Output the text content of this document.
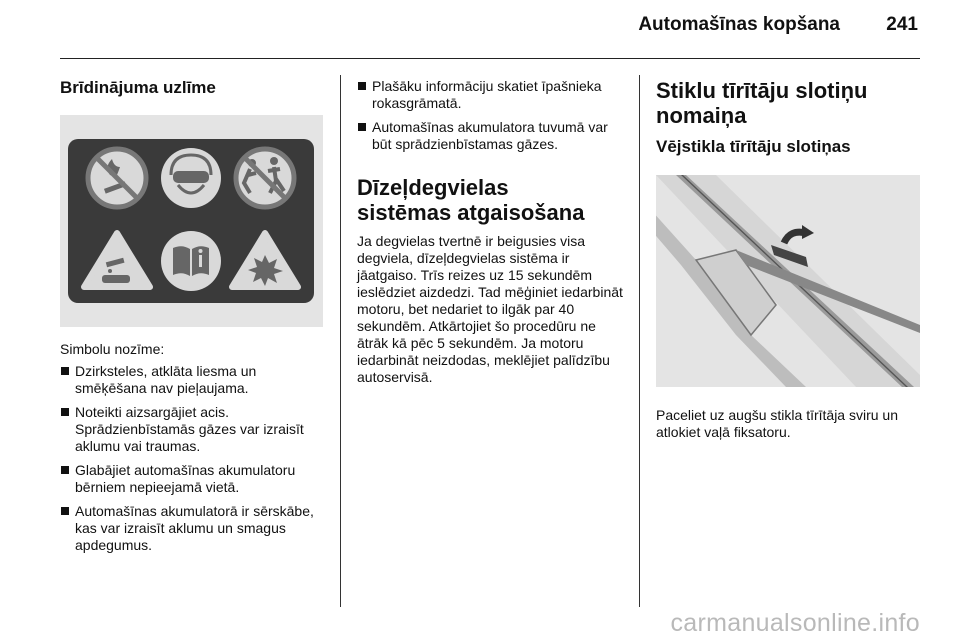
Automašīnas kopšana 241
Brīdinājuma uzlīme

Simbolu nozīme:

Dzirksteles, atklāta liesma un smēķēšana nav pieļaujama.
Noteikti aizsargājiet acis. Sprādzienbīstamās gāzes var izraisīt aklumu vai traumas.
Glabājiet automašīnas akumulatoru bērniem nepieejamā vietā.
Automašīnas akumulatorā ir sērskābe, kas var izraisīt aklumu un smagus apdegumus.
Plašāku informāciju skatiet īpašnieka rokasgrāmatā.
Automašīnas akumulatora tuvumā var būt sprādzienbīstamas gāzes.
Dīzeļdegvielas sistēmas atgaisošana

Ja degvielas tvertnē ir beigusies visa degviela, dīzeļdegvielas sistēma ir jāatgaiso. Trīs reizes uz 15 sekundēm ieslēdziet aizdedzi. Tad mēģiniet iedarbināt motoru, bet nedariet to ilgāk par 40 sekundēm. Atkārtojiet šo procedūru ne ātrāk kā pēc 5 sekundēm. Ja motoru iedarbināt neizdodas, meklējiet palīdzību autoservisā.

Stiklu tīrītāju slotiņu nomaiņa
Vējstikla tīrītāju slotiņas

Paceliet uz augšu stikla tīrītāja sviru un atlokiet vaļā fiksatoru.

carmanualsonline.info
